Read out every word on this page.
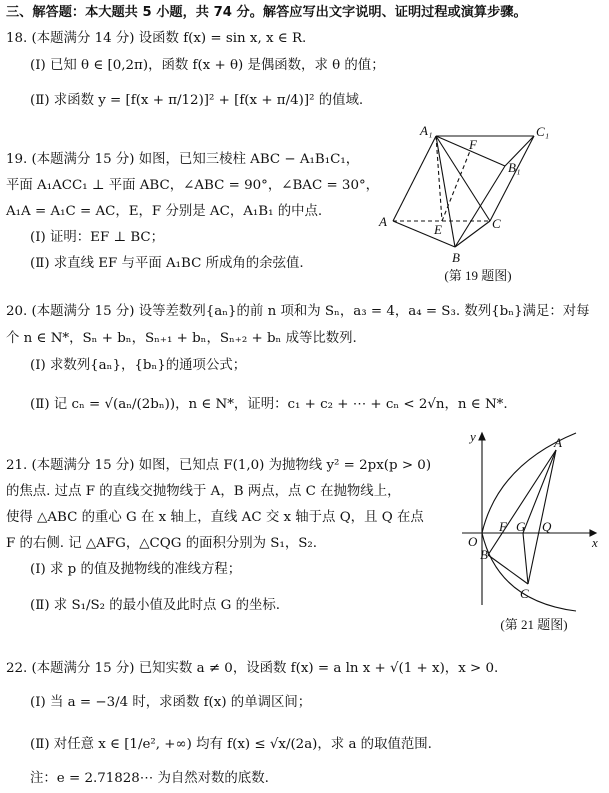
三、解答题：本大题共 5 小题，共 74 分。解答应写出文字说明、证明过程或演算步骤。
18. (本题满分 14 分) 设函数 f(x) = sin x, x ∈ R.
(Ⅰ) 已知 θ ∈ [0,2π)，函数 f(x + θ) 是偶函数，求 θ 的值；
(Ⅱ) 求函数 y = [f(x + π/12)]² + [f(x + π/4)]² 的值域.
19. (本题满分 15 分) 如图，已知三棱柱 ABC − A₁B₁C₁，
平面 A₁ACC₁ ⊥ 平面 ABC，∠ABC = 90°，∠BAC = 30°，
A₁A = A₁C = AC，E，F 分别是 AC，A₁B₁ 的中点.
(Ⅰ) 证明：EF ⊥ BC；
(Ⅱ) 求直线 EF 与平面 A₁BC 所成角的余弦值.
A₁	C₁
F
B₁
A
E	C
B
(第 19 题图)
20. (本题满分 15 分) 设等差数列{aₙ}的前 n 项和为 Sₙ，a₃ = 4，a₄ = S₃. 数列{bₙ}满足：对每
个 n ∈ N*，Sₙ + bₙ，Sₙ₊₁ + bₙ，Sₙ₊₂ + bₙ 成等比数列.
(Ⅰ) 求数列{aₙ}，{bₙ}的通项公式；
(Ⅱ) 记 cₙ = √(aₙ/(2bₙ))，n ∈ N*，证明：c₁ + c₂ + ⋯ + cₙ < 2√n，n ∈ N*.
21. (本题满分 15 分) 如图，已知点 F(1,0) 为抛物线 y² = 2px(p > 0)
的焦点. 过点 F 的直线交抛物线于 A，B 两点，点 C 在抛物线上，
使得 △ABC 的重心 G 在 x 轴上，直线 AC 交 x 轴于点 Q，且 Q 在点
F 的右侧. 记 △AFG，△CQG 的面积分别为 S₁，S₂.
(Ⅰ) 求 p 的值及抛物线的准线方程；
(Ⅱ) 求 S₁/S₂ 的最小值及此时点 G 的坐标.
y
x
O
F G Q
A
B
C
(第 21 题图)
22. (本题满分 15 分) 已知实数 a ≠ 0，设函数 f(x) = a ln x + √(1 + x)，x > 0.
(Ⅰ) 当 a = −3/4 时，求函数 f(x) 的单调区间；
(Ⅱ) 对任意 x ∈ [1/e², +∞) 均有 f(x) ≤ √x/(2a)，求 a 的取值范围.
注：e = 2.71828⋯ 为自然对数的底数.
